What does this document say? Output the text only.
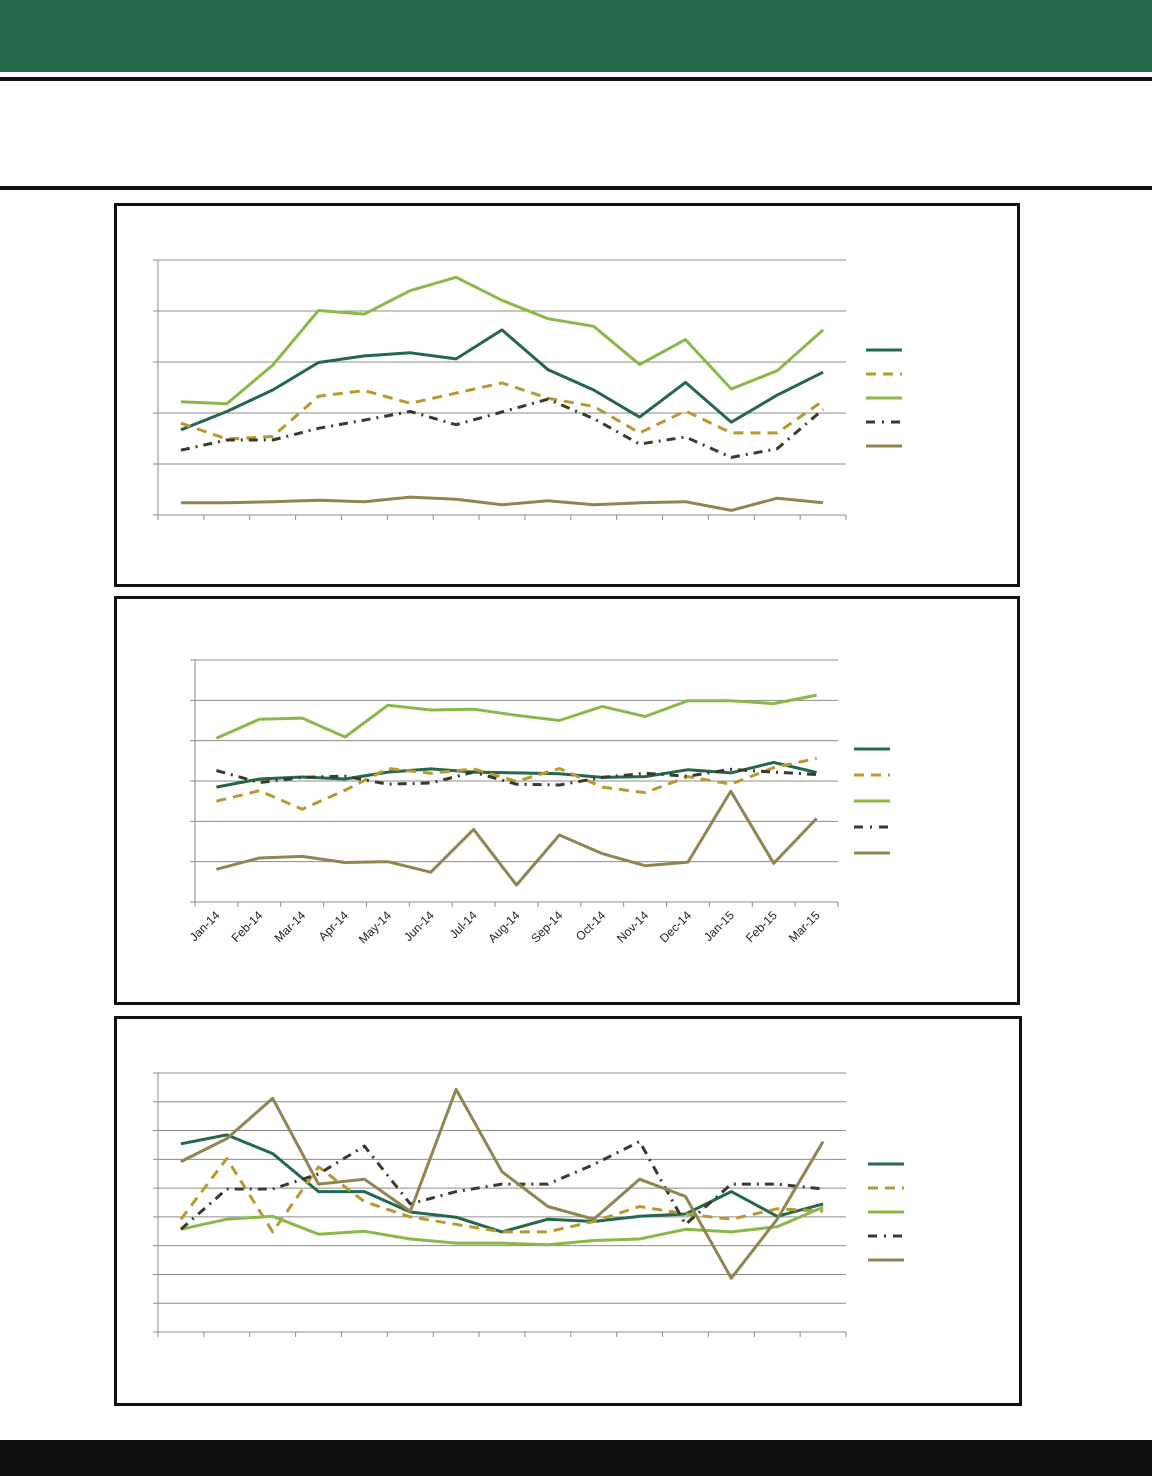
Jan-14 Feb-14 Mar-14 Apr-14 May-14 Jun-14 Jul-14 Aug-14 Sep-14 Oct-14 Nov-14 Dec-14 Jan-15 Feb-15 Mar-15
